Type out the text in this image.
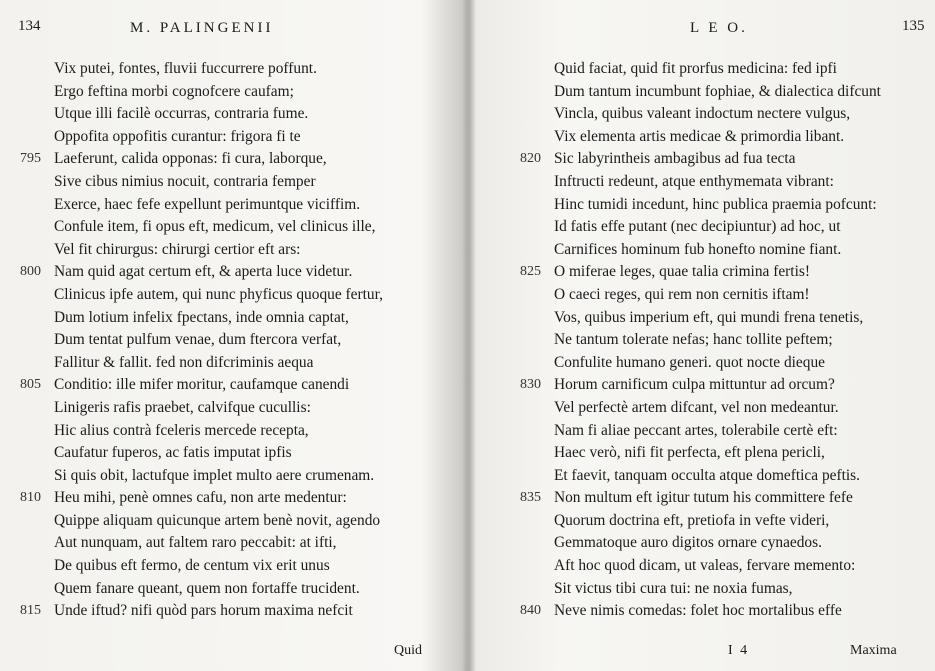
134	M. PALINGENII
Vix putei, fontes, fluvii fuccurrere poffunt.
Ergo feftina morbi cognofcere caufam;
Utque illi facilè occurras, contraria fume.
Oppofita oppofitis curantur: frigora fi te
795 Laeferunt, calida opponas: fi cura, laborque,
Sive cibus nimius nocuit, contraria femper
Exerce, haec fefe expellunt perimuntque viciffim.
Confule item, fi opus eft, medicum, vel clinicus ille,
Vel fit chirurgus: chirurgi certior eft ars:
800 Nam quid agat certum eft, & aperta luce videtur.
Clinicus ipfe autem, qui nunc phyficus quoque fertur,
Dum lotium infelix fpectans, inde omnia captat,
Dum tentat pulfum venae, dum ftercora verfat,
Fallitur & fallit. fed non difcriminis aequa
805 Conditio: ille mifer moritur, caufamque canendi
Linigeris rafis praebet, calvifque cucullis:
Hic alius contrà fceleris mercede recepta,
Caufatur fuperos, ac fatis imputat ipfis
Si quis obit, lactufque implet multo aere crumenam.
810 Heu mihi, penè omnes cafu, non arte medentur:
Quippe aliquam quicunque artem benè novit, agendo
Aut nunquam, aut faltem raro peccabit: at ifti,
De quibus eft fermo, de centum vix erit unus
Quem fanare queant, quem non fortaffe trucident.
815 Unde iftud? nifi quòd pars horum maxima nefcit
Quid
L E O.	135
Quid faciat, quid fit prorfus medicina: fed ipfi
Dum tantum incumbunt fophiae, & dialectica difcunt
Vincla, quibus valeant indoctum nectere vulgus,
Vix elementa artis medicae & primordia libant.
820 Sic labyrintheis ambagibus ad fua tecta
Inftructi redeunt, atque enthymemata vibrant:
Hinc tumidi incedunt, hinc publica praemia pofcunt:
Id fatis effe putant (nec decipiuntur) ad hoc, ut
Carnifices hominum fub honefto nomine fiant.
825 O miferae leges, quae talia crimina fertis!
O caeci reges, qui rem non cernitis iftam!
Vos, quibus imperium eft, qui mundi frena tenetis,
Ne tantum tolerate nefas; hanc tollite peftem;
Confulite humano generi. quot nocte dieque
830 Horum carnificum culpa mittuntur ad orcum?
Vel perfectè artem difcant, vel non medeantur.
Nam fi aliae peccant artes, tolerabile certè eft:
Haec verò, nifi fit perfecta, eft plena pericli,
Et faevit, tanquam occulta atque domeftica peftis.
835 Non multum eft igitur tutum his committere fefe
Quorum doctrina eft, pretiofa in vefte videri,
Gemmatoque auro digitos ornare cynaedos.
Aft hoc quod dicam, ut valeas, fervare memento:
Sit victus tibi cura tui: ne noxia fumas,
840 Neve nimis comedas: folet hoc mortalibus effe
I 4	Maxima
